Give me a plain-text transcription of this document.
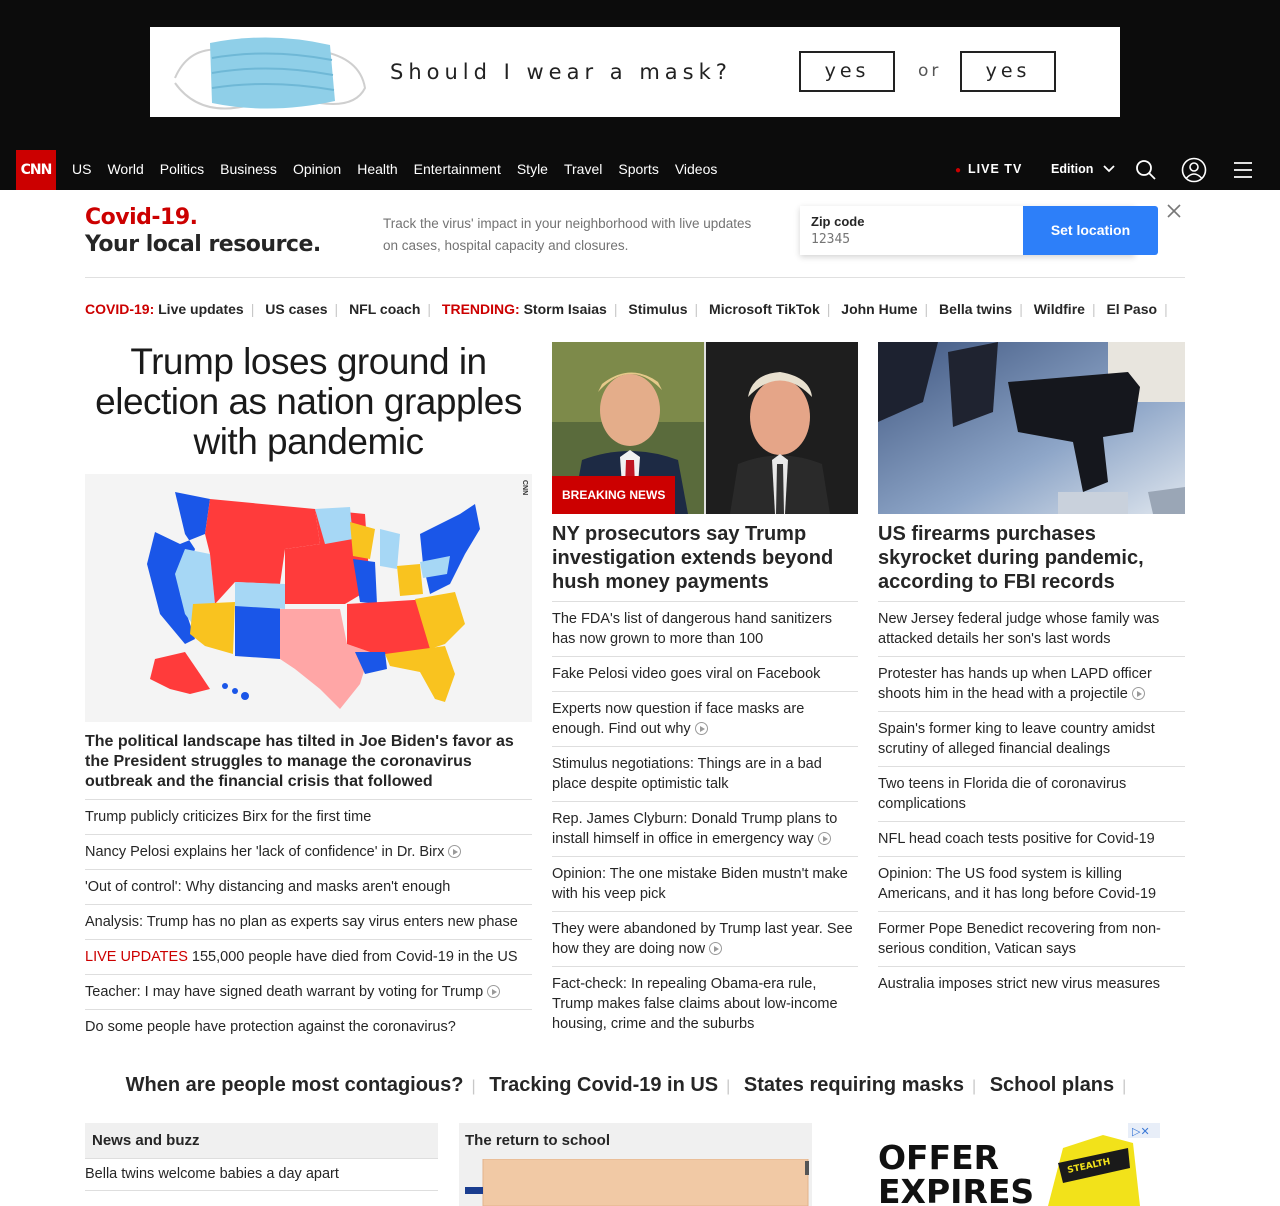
Should I wear a mask?	yes	or	yes
CNN	US	World	Politics	Business	Opinion	Health	Entertainment	Style	Travel	Sports	Videos	● LIVE TV Edition
Covid-19.
Your local resource.
Track the virus' impact in your neighborhood with live updates on cases, hospital capacity and closures.
Zip code
12345
Set location
COVID-19: Live updates | US cases | NFL coach | TRENDING: Storm Isaias | Stimulus | Microsoft TikTok | John Hume | Bella twins | Wildfire | El Paso |
Trump loses ground in election as nation grapples with pandemic
CNN
The political landscape has tilted in Joe Biden's favor as the President struggles to manage the coronavirus outbreak and the financial crisis that followed
Trump publicly criticizes Birx for the first time
Nancy Pelosi explains her 'lack of confidence' in Dr. Birx
'Out of control': Why distancing and masks aren't enough
Analysis: Trump has no plan as experts say virus enters new phase
LIVE UPDATES 155,000 people have died from Covid-19 in the US
Teacher: I may have signed death warrant by voting for Trump
Do some people have protection against the coronavirus?
BREAKING NEWS
NY prosecutors say Trump investigation extends beyond hush money payments
The FDA's list of dangerous hand sanitizers has now grown to more than 100
Fake Pelosi video goes viral on Facebook
Experts now question if face masks are enough. Find out why
Stimulus negotiations: Things are in a bad place despite optimistic talk
Rep. James Clyburn: Donald Trump plans to install himself in office in emergency way
Opinion: The one mistake Biden mustn't make with his veep pick
They were abandoned by Trump last year. See how they are doing now
Fact-check: In repealing Obama-era rule, Trump makes false claims about low-income housing, crime and the suburbs
US firearms purchases skyrocket during pandemic, according to FBI records
New Jersey federal judge whose family was attacked details her son's last words
Protester has hands up when LAPD officer shoots him in the head with a projectile
Spain's former king to leave country amidst scrutiny of alleged financial dealings
Two teens in Florida die of coronavirus complications
NFL head coach tests positive for Covid-19
Opinion: The US food system is killing Americans, and it has long before Covid-19
Former Pope Benedict recovering from non-serious condition, Vatican says
Australia imposes strict new virus measures
When are people most contagious? | Tracking Covid-19 in US | States requiring masks | School plans |
News and buzz
Bella twins welcome babies a day apart
The return to school
▷✕
OFFER
EXPIRES
STEALTH
